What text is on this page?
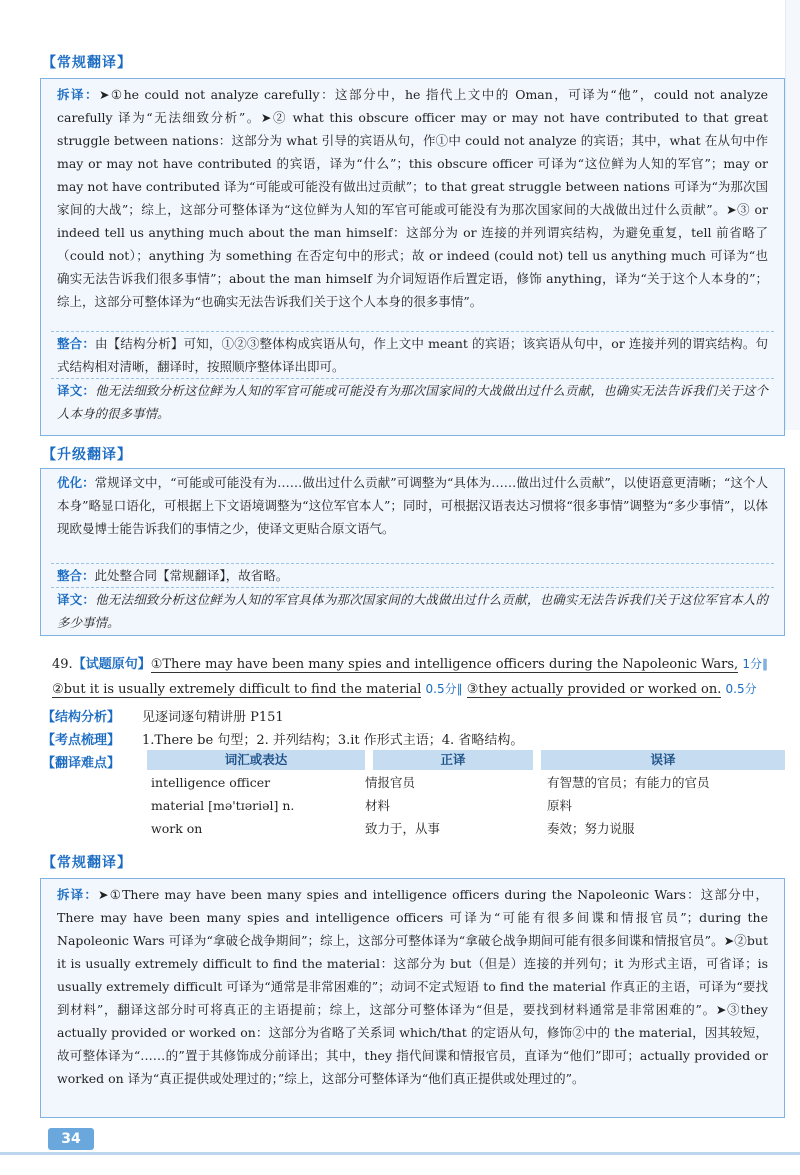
【常规翻译】

拆译：➤①he could not analyze carefully：这部分中，he 指代上文中的 Oman，可译为“他”，could not analyze carefully 译为“无法细致分析”。➤② what this obscure officer may or may not have contributed to that great struggle between nations：这部分为 what 引导的宾语从句，作①中 could not analyze 的宾语；其中，what 在从句中作 may or may not have contributed 的宾语，译为“什么”；this obscure officer 可译为“这位鲜为人知的军官”；may or may not have contributed 译为“可能或可能没有做出过贡献”；to that great struggle between nations 可译为“为那次国家间的大战”；综上，这部分可整体译为“这位鲜为人知的军官可能或可能没有为那次国家间的大战做出过什么贡献”。➤③ or indeed tell us anything much about the man himself：这部分为 or 连接的并列谓宾结构，为避免重复，tell 前省略了（could not）；anything 为 something 在否定句中的形式；故 or indeed (could not) tell us anything much 可译为“也确实无法告诉我们很多事情”；about the man himself 为介词短语作后置定语，修饰 anything，译为“关于这个人本身的”；综上，这部分可整体译为“也确实无法告诉我们关于这个人本身的很多事情”。

整合：由【结构分析】可知，①②③整体构成宾语从句，作上文中 meant 的宾语；该宾语从句中，or 连接并列的谓宾结构。句式结构相对清晰，翻译时，按照顺序整体译出即可。

译文：他无法细致分析这位鲜为人知的军官可能或可能没有为那次国家间的大战做出过什么贡献，也确实无法告诉我们关于这个人本身的很多事情。

【升级翻译】

优化：常规译文中，“可能或可能没有为……做出过什么贡献”可调整为“具体为……做出过什么贡献”，以使语意更清晰；“这个人本身”略显口语化，可根据上下文语境调整为“这位军官本人”；同时，可根据汉语表达习惯将“很多事情”调整为“多少事情”，以体现欧曼博士能告诉我们的事情之少，使译文更贴合原文语气。

整合：此处整合同【常规翻译】，故省略。

译文：他无法细致分析这位鲜为人知的军官具体为那次国家间的大战做出过什么贡献，也确实无法告诉我们关于这位军官本人的多少事情。

49.【试题原句】①There may have been many spies and intelligence officers during the Napoleonic Wars, 1分∥ ②but it is usually extremely difficult to find the material 0.5分∥ ③they actually provided or worked on. 0.5分
【结构分析】 见逐词逐句精讲册 P151
【考点梳理】 1.There be 句型；2. 并列结构；3.it 作形式主语；4. 省略结构。
【翻译难点】	词汇或表达	正译	误译
intelligence officer	情报官员	有智慧的官员；有能力的官员
material [mə'tɪəriəl] n.	材料	原料
work on	致力于，从事	奏效；努力说服
【常规翻译】

拆译：➤①There may have been many spies and intelligence officers during the Napoleonic Wars：这部分中，There may have been many spies and intelligence officers 可译为“可能有很多间谍和情报官员”；during the Napoleonic Wars 可译为“拿破仑战争期间”；综上，这部分可整体译为“拿破仑战争期间可能有很多间谍和情报官员”。➤②but it is usually extremely difficult to find the material：这部分为 but（但是）连接的并列句；it 为形式主语，可省译；is usually extremely difficult 可译为“通常是非常困难的”；动词不定式短语 to find the material 作真正的主语，可译为“要找到材料”，翻译这部分时可将真正的主语提前；综上，这部分可整体译为“但是，要找到材料通常是非常困难的”。➤③they actually provided or worked on：这部分为省略了关系词 which/that 的定语从句，修饰②中的 the material，因其较短，故可整体译为“……的”置于其修饰成分前译出；其中，they 指代间谍和情报官员，直译为“他们”即可；actually provided or worked on 译为“真正提供或处理过的；”综上，这部分可整体译为“他们真正提供或处理过的”。

34
